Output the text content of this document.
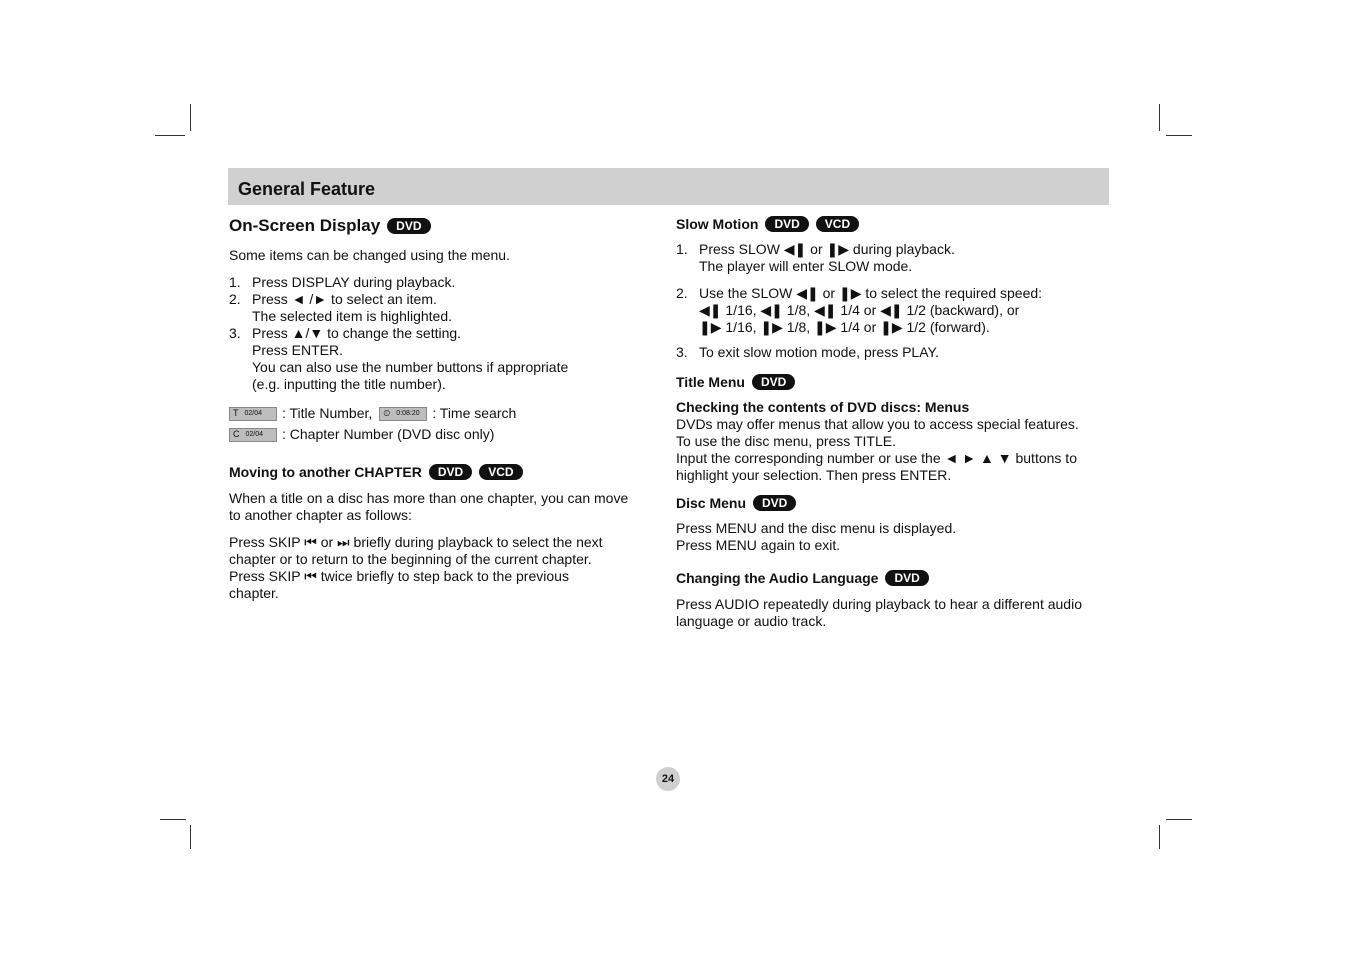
General Feature
On-Screen Display	DVD

Some items can be changed using the menu.

1. Press DISPLAY during playback.
2. Press ◄ /► to select an item.
The selected item is highlighted.
3. Press ▲/▼ to change the setting.
Press ENTER.
You can also use the number buttons if appropriate
(e.g. inputting the title number).
T 02/04 : Title Number, ⏲ 0:08:20 : Time search
C 02/04 : Chapter Number (DVD disc only)
Moving to another CHAPTER	DVD	VCD

When a title on a disc has more than one chapter, you can move
to another chapter as follows:

Press SKIP ⏮ or ⏭ briefly during playback to select the next
chapter or to return to the beginning of the current chapter.
Press SKIP ⏮ twice briefly to step back to the previous
chapter.

Slow Motion	DVD	VCD
1. Press SLOW ◀❚ or ❚▶ during playback.
The player will enter SLOW mode.
2. Use the SLOW ◀❚ or ❚▶ to select the required speed:
◀❚ 1/16, ◀❚ 1/8, ◀❚ 1/4 or ◀❚ 1/2 (backward), or
❚▶ 1/16, ❚▶ 1/8, ❚▶ 1/4 or ❚▶ 1/2 (forward).
3. To exit slow motion mode, press PLAY.
Title Menu	DVD

Checking the contents of DVD discs: Menus

DVDs may offer menus that allow you to access special features.
To use the disc menu, press TITLE.
Input the corresponding number or use the ◄ ► ▲ ▼ buttons to
highlight your selection. Then press ENTER.

Disc Menu	DVD

Press MENU and the disc menu is displayed.
Press MENU again to exit.

Changing the Audio Language	DVD

Press AUDIO repeatedly during playback to hear a different audio
language or audio track.

24
